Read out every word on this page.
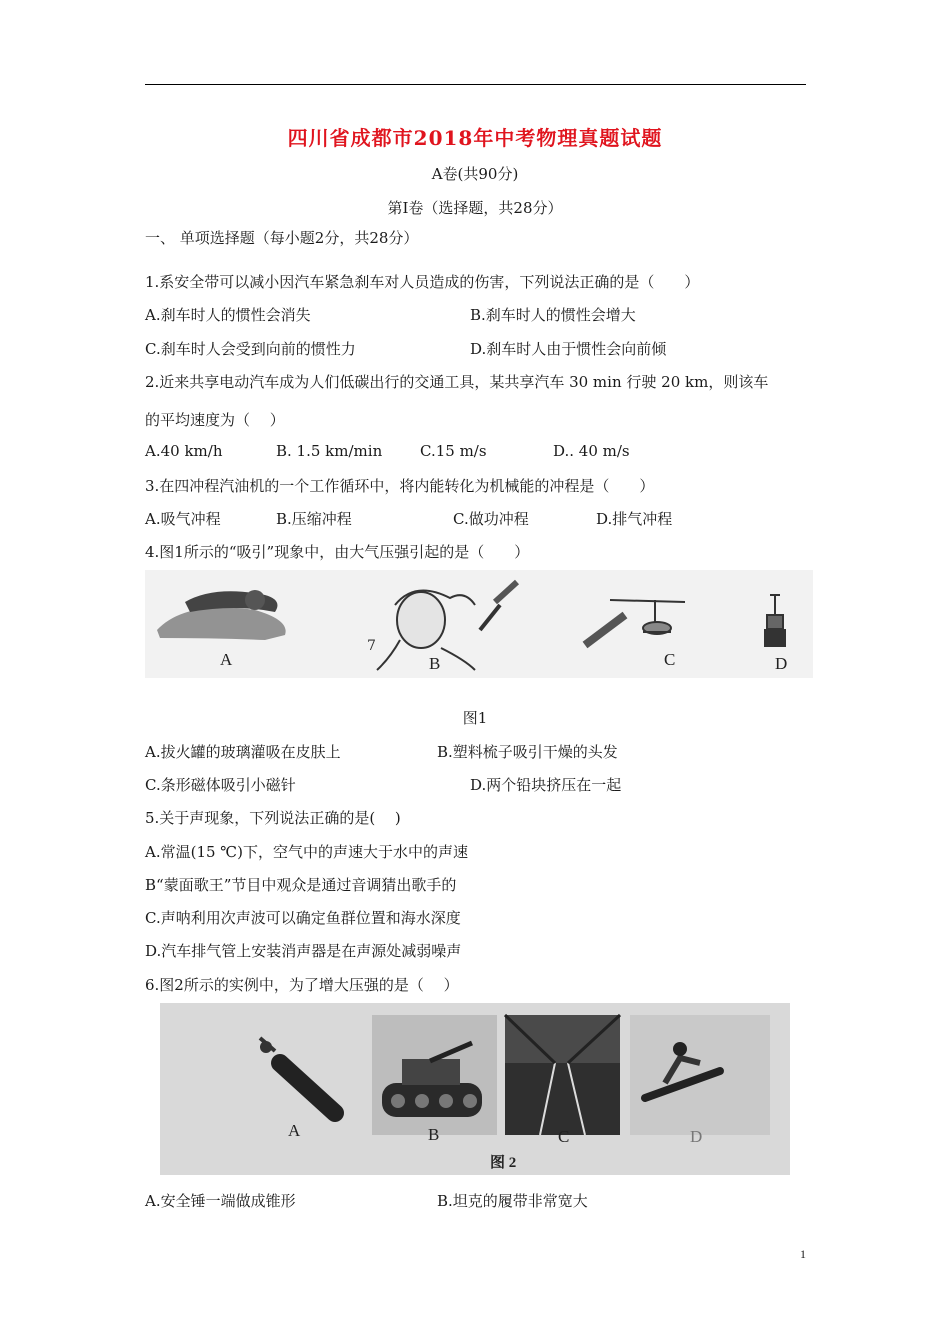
四川省成都市2018年中考物理真题试题
A卷(共90分)
第Ⅰ卷（选择题，共28分）
一、 单项选择题（每小题2分，共28分）
1.系安全带可以减小因汽车紧急刹车对人员造成的伤害，下列说法正确的是（　　）
A.刹车时人的惯性会消失	B.刹车时人的惯性会增大
C.刹车时人会受到向前的惯性力	D.刹车时人由于惯性会向前倾
2.近来共享电动汽车成为人们低碳出行的交通工具，某共享汽车 30 min 行驶 20 km，则该车
的平均速度为（　 ）
A.40 km/h	B. 1.5 km/min	C.15 m/s	D.. 40 m/s
3.在四冲程汽油机的一个工作循环中，将内能转化为机械能的冲程是（　　）
A.吸气冲程	B.压缩冲程	C.做功冲程	D.排气冲程
4.图1所示的“吸引”现象中，由大气压强引起的是（　　）
7
A	B	C	D
图1
A.拔火罐的玻璃灌吸在皮肤上	B.塑料梳子吸引干燥的头发
C.条形磁体吸引小磁针	D.两个铅块挤压在一起
5.关于声现象，下列说法正确的是(　 )
A.常温(15 ℃)下，空气中的声速大于水中的声速
B“蒙面歌王”节目中观众是通过音调猜出歌手的
C.声呐利用次声波可以确定鱼群位置和海水深度
D.汽车排气管上安装消声器是在声源处减弱噪声
6.图2所示的实例中，为了增大压强的是（　 ）
A	B	C	D
图 2
A.安全锤一端做成锥形	B.坦克的履带非常宽大
1
